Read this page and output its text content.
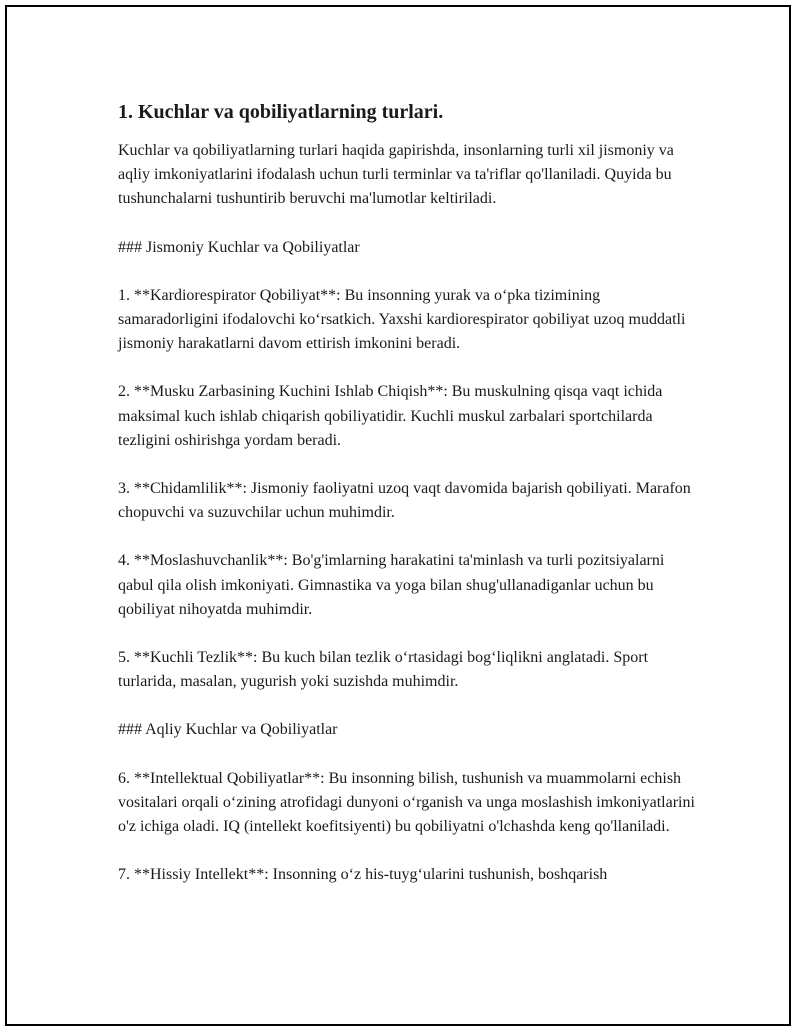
1. Kuchlar va qobiliyatlarning turlari.

Kuchlar va qobiliyatlarning turlari haqida gapirishda, insonlarning turli xil jismoniy va aqliy imkoniyatlarini ifodalash uchun turli terminlar va ta'riflar qo'llaniladi. Quyida bu tushunchalarni tushuntirib beruvchi ma'lumotlar keltiriladi.

### Jismoniy Kuchlar va Qobiliyatlar

1. **Kardiorespirator Qobiliyat**: Bu insonning yurak va oʻpka tizimining samaradorligini ifodalovchi koʻrsatkich. Yaxshi kardiorespirator qobiliyat uzoq muddatli jismoniy harakatlarni davom ettirish imkonini beradi.

2. **Musku Zarbasining Kuchini Ishlab Chiqish**: Bu muskulning qisqa vaqt ichida maksimal kuch ishlab chiqarish qobiliyatidir. Kuchli muskul zarbalari sportchilarda tezligini oshirishga yordam beradi.

3. **Chidamlilik**: Jismoniy faoliyatni uzoq vaqt davomida bajarish qobiliyati. Marafon chopuvchi va suzuvchilar uchun muhimdir.

4. **Moslashuvchanlik**: Bo'g'imlarning harakatini ta'minlash va turli pozitsiyalarni qabul qila olish imkoniyati. Gimnastika va yoga bilan shug'ullanadiganlar uchun bu qobiliyat nihoyatda muhimdir.

5. **Kuchli Tezlik**: Bu kuch bilan tezlik oʻrtasidagi bogʻliqlikni anglatadi. Sport turlarida, masalan, yugurish yoki suzishda muhimdir.

### Aqliy Kuchlar va Qobiliyatlar

6. **Intellektual Qobiliyatlar**: Bu insonning bilish, tushunish va muammolarni echish vositalari orqali oʻzining atrofidagi dunyoni oʻrganish va unga moslashish imkoniyatlarini o'z ichiga oladi. IQ (intellekt koefitsiyenti) bu qobiliyatni o'lchashda keng qo'llaniladi.

7. **Hissiy Intellekt**: Insonning oʻz his-tuygʻularini tushunish, boshqarish
